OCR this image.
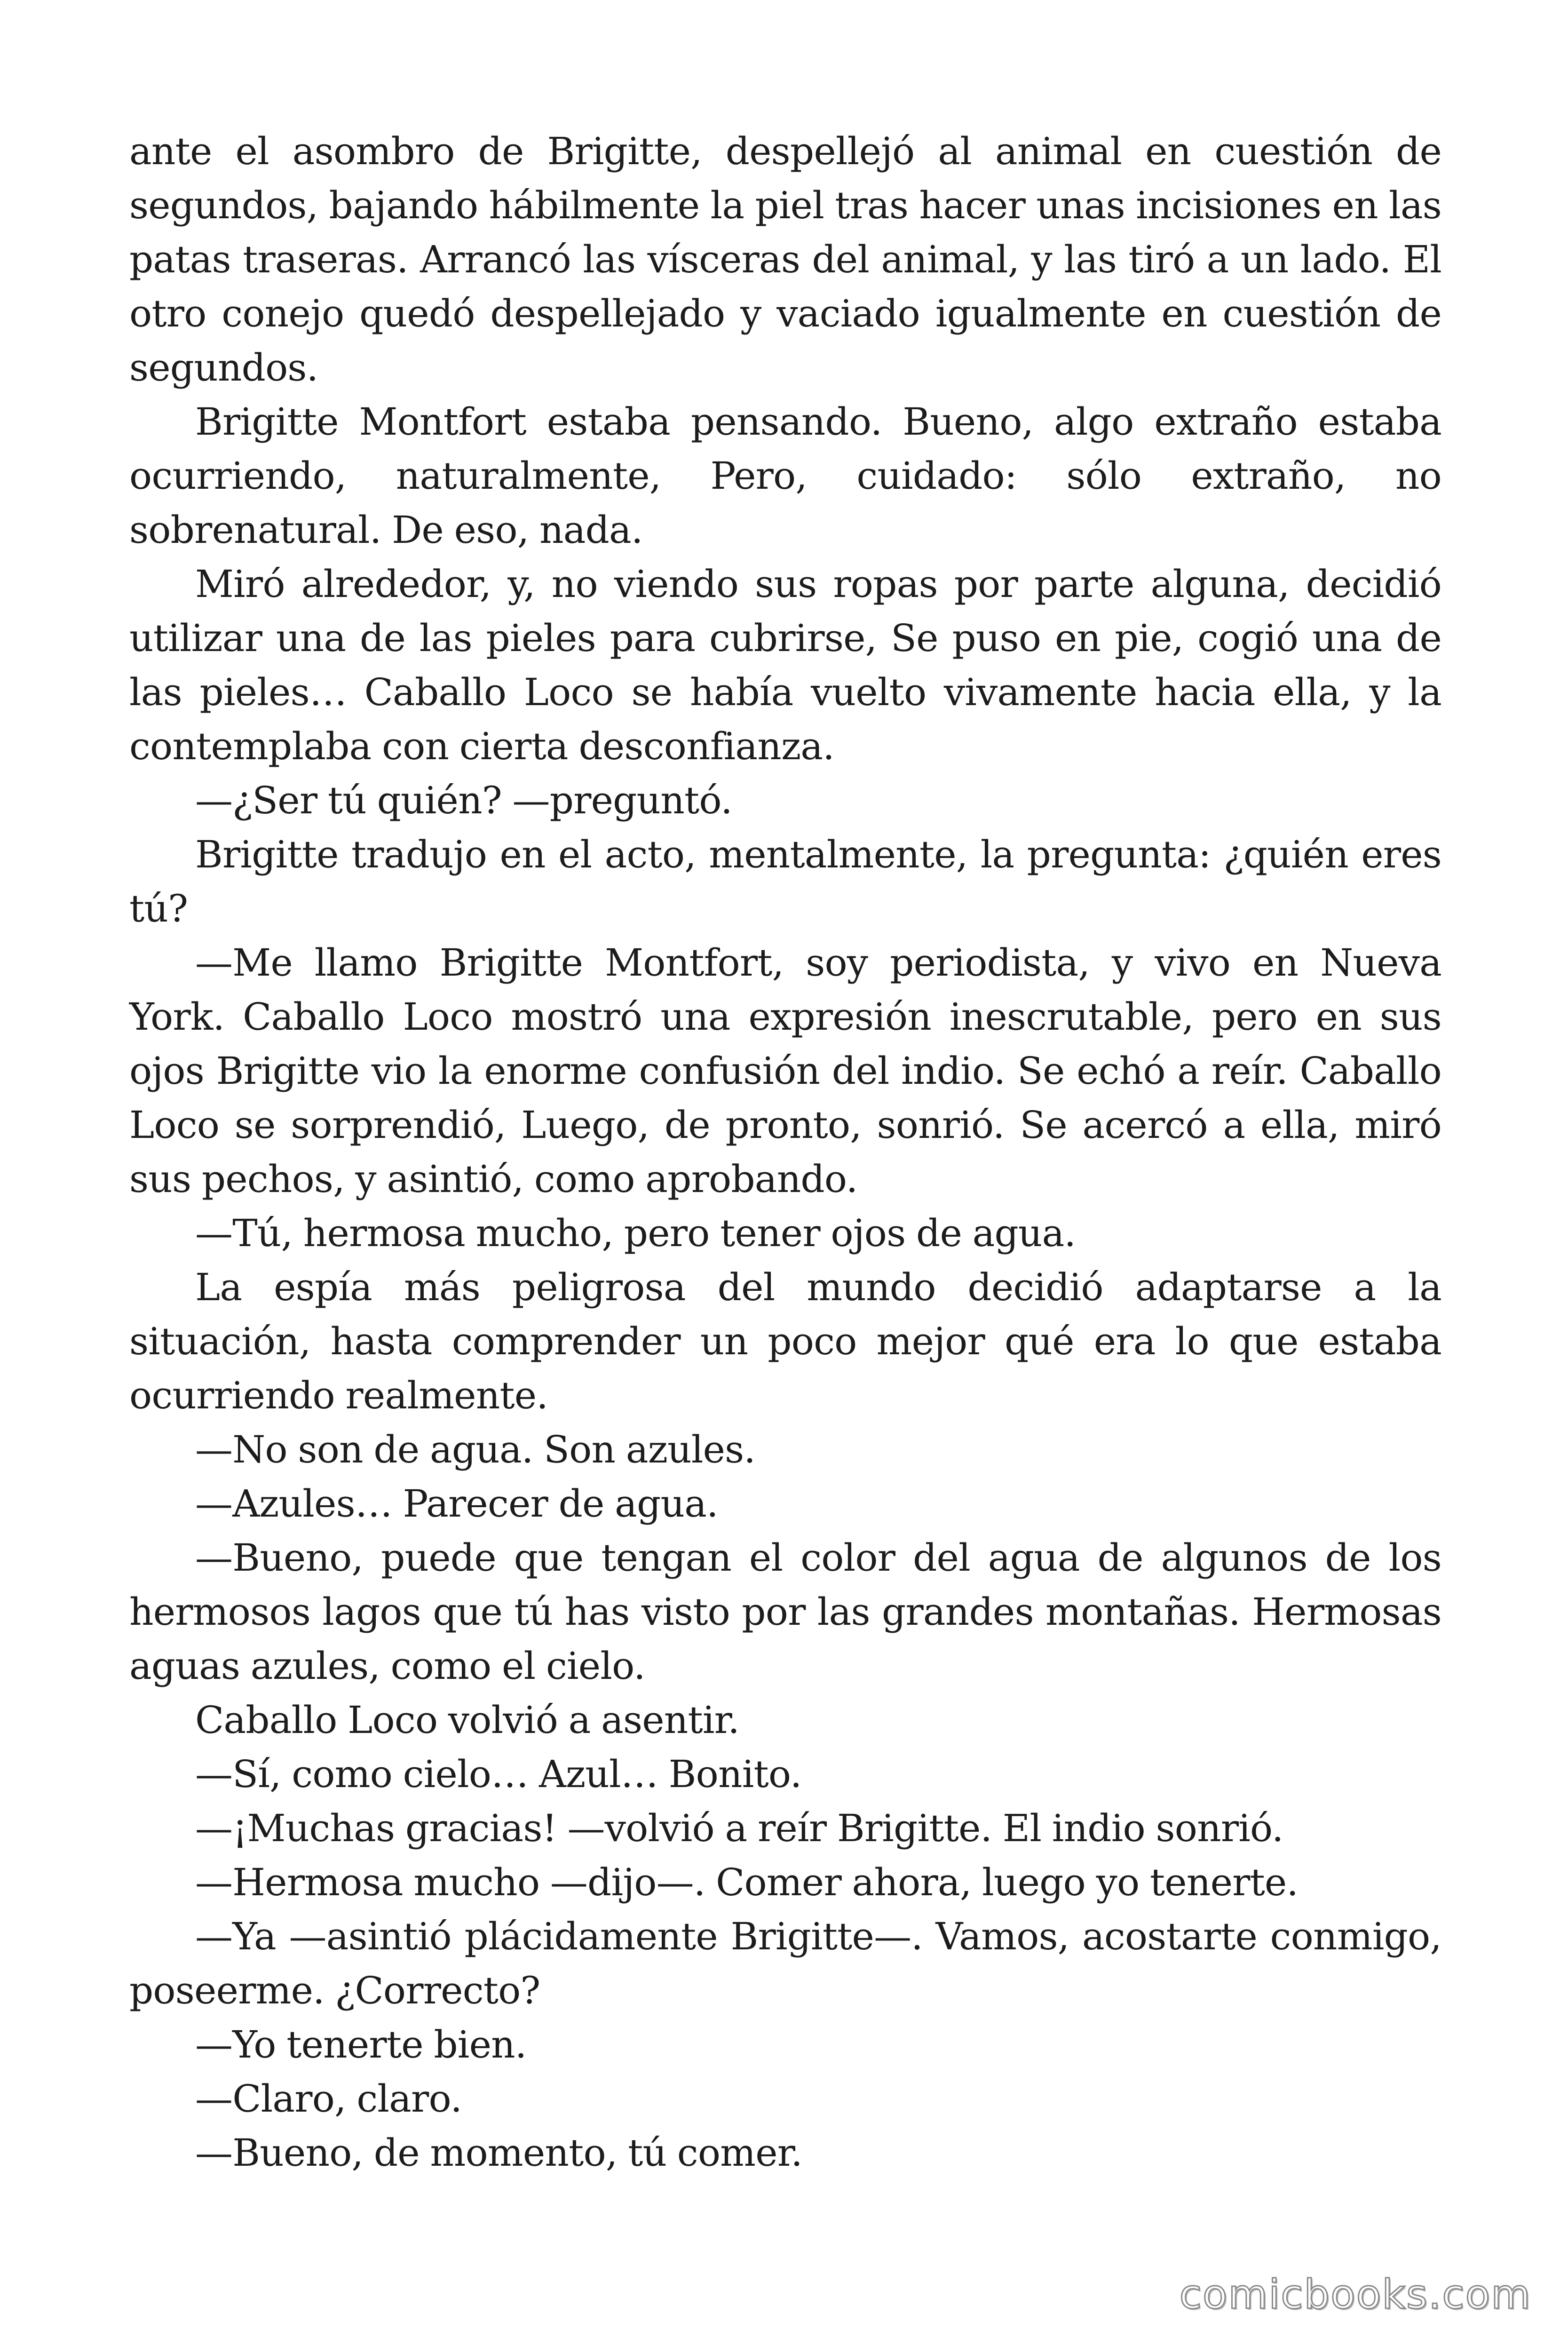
ante el asombro de Brigitte, despellejó al animal en cuestión de segundos, bajando hábilmente la piel tras hacer unas incisiones en las patas traseras. Arrancó las vísceras del animal, y las tiró a un lado. El otro conejo quedó despellejado y vaciado igualmente en cuestión de segundos.

Brigitte Montfort estaba pensando. Bueno, algo extraño estaba ocurriendo, naturalmente, Pero, cuidado: sólo extraño, no sobrenatural. De eso, nada.

Miró alrededor, y, no viendo sus ropas por parte alguna, decidió utilizar una de las pieles para cubrirse, Se puso en pie, cogió una de las pieles… Caballo Loco se había vuelto vivamente hacia ella, y la contemplaba con cierta desconfianza.

—¿Ser tú quién? —preguntó.

Brigitte tradujo en el acto, mentalmente, la pregunta: ¿quién eres tú?

—Me llamo Brigitte Montfort, soy periodista, y vivo en Nueva York. Caballo Loco mostró una expresión inescrutable, pero en sus ojos Brigitte vio la enorme confusión del indio. Se echó a reír. Caballo Loco se sorprendió, Luego, de pronto, sonrió. Se acercó a ella, miró sus pechos, y asintió, como aprobando.

—Tú, hermosa mucho, pero tener ojos de agua.

La espía más peligrosa del mundo decidió adaptarse a la situación, hasta comprender un poco mejor qué era lo que estaba ocurriendo realmente.

—No son de agua. Son azules.

—Azules… Parecer de agua.

—Bueno, puede que tengan el color del agua de algunos de los hermosos lagos que tú has visto por las grandes montañas. Hermosas aguas azules, como el cielo.

Caballo Loco volvió a asentir.

—Sí, como cielo… Azul… Bonito.

—¡Muchas gracias! —volvió a reír Brigitte. El indio sonrió.

—Hermosa mucho —dijo—. Comer ahora, luego yo tenerte.

—Ya —asintió plácidamente Brigitte—. Vamos, acostarte conmigo, poseerme. ¿Correcto?

—Yo tenerte bien.

—Claro, claro.

—Bueno, de momento, tú comer.

comicbooks.com
